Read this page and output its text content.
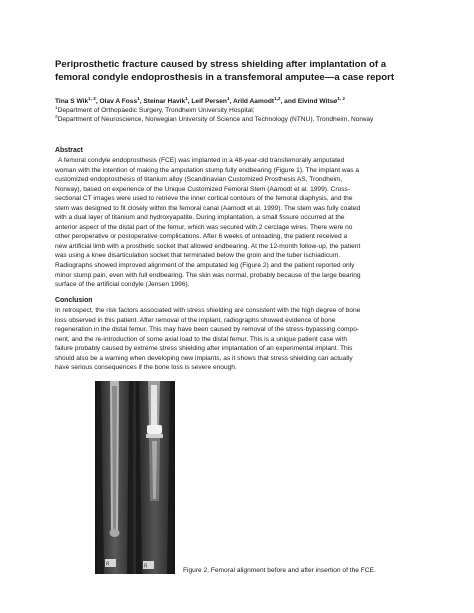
Periprosthetic fracture caused by stress shielding after implantation of a femoral condyle endoprosthesis in a transfemoral amputee—a case report
Tina S Wik$^{1, 2}$, Olav A Foss$^1$, Steinar Havik$^1$, Leif Persen$^1$, Arild Aamodt$^{1,2}$, and Eivind Witsø$^{1, 2}$
$^1$Department of Orthopaedic Surgery, Trondheim University Hospital;
$^2$Department of Neuroscience, Norwegian University of Science and Technology (NTNU), Trondheim, Norway
Abstract
A femoral condyle endoprosthesis (FCE) was implanted in a 48-year-old transfemorally amputated
woman with the intention of making the amputation stump fully endbearing (Figure 1). The implant was a
customized endoprosthesis of titanium alloy (Scandinavian Customized Prosthesis AS, Trondheim,
Norway), based on experience of the Unique Customized Femoral Stem (Aamodt et al. 1999). Cross-
sectional CT images were used to retrieve the inner cortical contours of the femoral diaphysis, and the
stem was designed to fit closely within the femoral canal (Aamodt et al. 1999). The stem was fully coated
with a dual layer of titanium and hydroxyapatite. During implantation, a small fissure occurred at the
anterior aspect of the distal part of the femur, which was secured with 2 cerclage wires. There were no
other peroperative or postoperative complications. After 6 weeks of unloading, the patient received a
new artificial limb with a prosthetic socket that allowed endbearing. At the 12-month follow-up, the patient
was using a knee disarticulation socket that terminated below the groin and the tuber ischiadicum.
Radiographs showed improved alignment of the amputated leg (Figure 2) and the patient reported only
minor stump pain, even with full endbearing. The skin was normal, probably because of the large bearing
surface of the artificial condyle (Jensen 1996).
Conclusion
In retrospect, the risk factors associated with stress shielding are consistent with the high degree of bone
loss observed in this patient. After removal of the implant, radiographs showed evidence of bone
regeneration in the distal femur. This may have been caused by removal of the stress-bypassing compo-
nent, and the re-introduction of some axial load to the distal femur. This is a unique patient case with
failure probably caused by extreme stress shielding after implantation of an experimental implant. This
should also be a warning when developing new implants, as it shows that stress shielding can actually
have serious consequences if the bone loss is severe enough.
R	R
Figure 2. Femoral alignment before and after insertion of the FCE.
